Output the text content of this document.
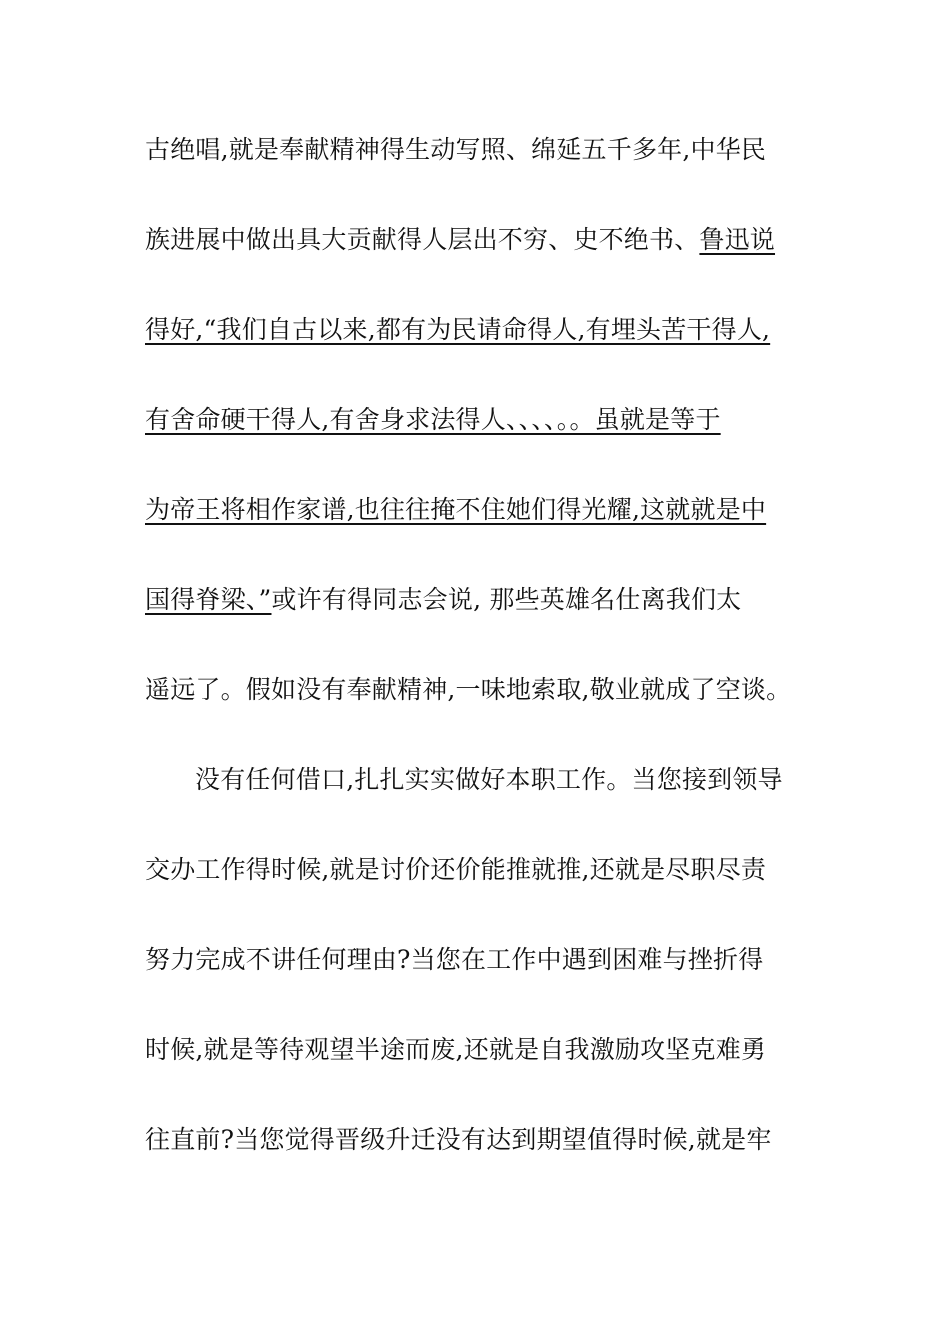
古绝唱,就是奉献精神得生动写照、绵延五千多年,中华民
族进展中做出具大贡献得人层出不穷、史不绝书、鲁迅说
得好,“我们自古以来,都有为民请命得人,有埋头苦干得人,
有舍命硬干得人,有舍身求法得人、、、、。。虽就是等于
为帝王将相作家谱,也往往掩不住她们得光耀,这就就是中
国得脊梁、”或许有得同志会说, 那些英雄名仕离我们太
遥远了。假如没有奉献精神,一味地索取,敬业就成了空谈。
没有任何借口,扎扎实实做好本职工作。当您接到领导
交办工作得时候,就是讨价还价能推就推,还就是尽职尽责
努力完成不讲任何理由?当您在工作中遇到困难与挫折得
时候,就是等待观望半途而废,还就是自我激励攻坚克难勇
往直前?当您觉得晋级升迁没有达到期望值得时候,就是牢
